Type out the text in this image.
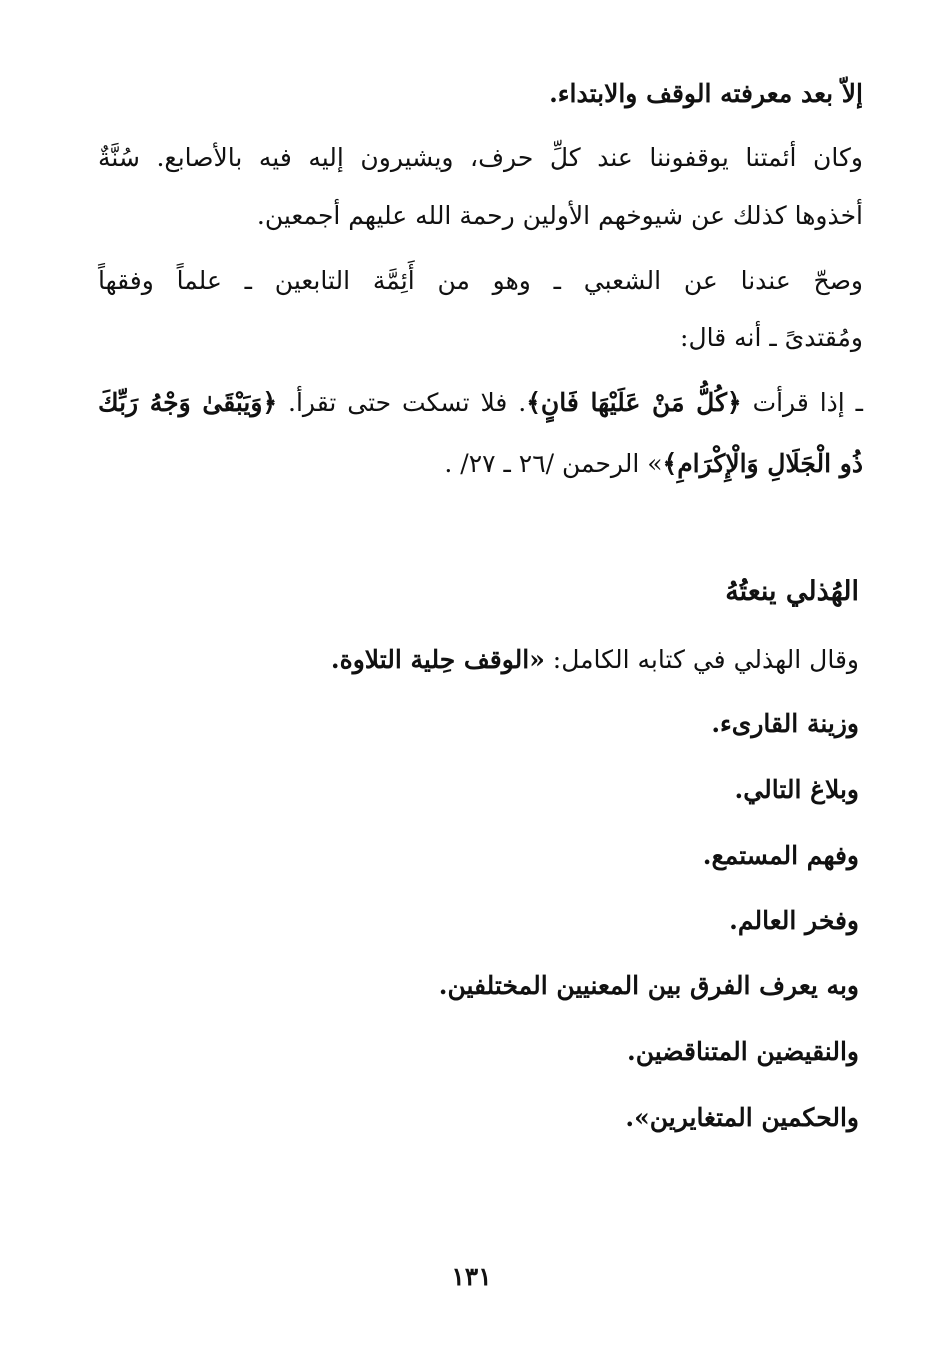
إلاّ بعد معرفته الوقف والابتداء.
وكان أئمتنا يوقفوننا عند كلِّ حرف، ويشيرون إليه فيه بالأصابع. سُنَّةٌ
أخذوها كذلك عن شيوخهم الأولين رحمة الله عليهم أجمعين.
وصحّ عندنا عن الشعبي ـ وهو من أَئِمَّة التابعين ـ علماً وفقهاً
ومُقتدىً ـ أنه قال:
ـ إذا قرأت ﴿كُلُّ مَنْ عَلَيْهَا فَانٍ﴾. فلا تسكت حتى تقرأ. ﴿وَيَبْقَىٰ وَجْهُ رَبِّكَ
ذُو الْجَلَالِ وَالْإِكْرَامِ﴾» الرحمن /٢٦ ـ ٢٧/ .
الهُذلي ينعتُهُ
وقال الهذلي في كتابه الكامل: «الوقف حِلية التلاوة.
وزينة القارىء.
وبلاغ التالي.
وفهم المستمع.
وفخر العالم.
وبه يعرف الفرق بين المعنيين المختلفين.
والنقيضين المتناقضين.
والحكمين المتغايرين».
١٣١
